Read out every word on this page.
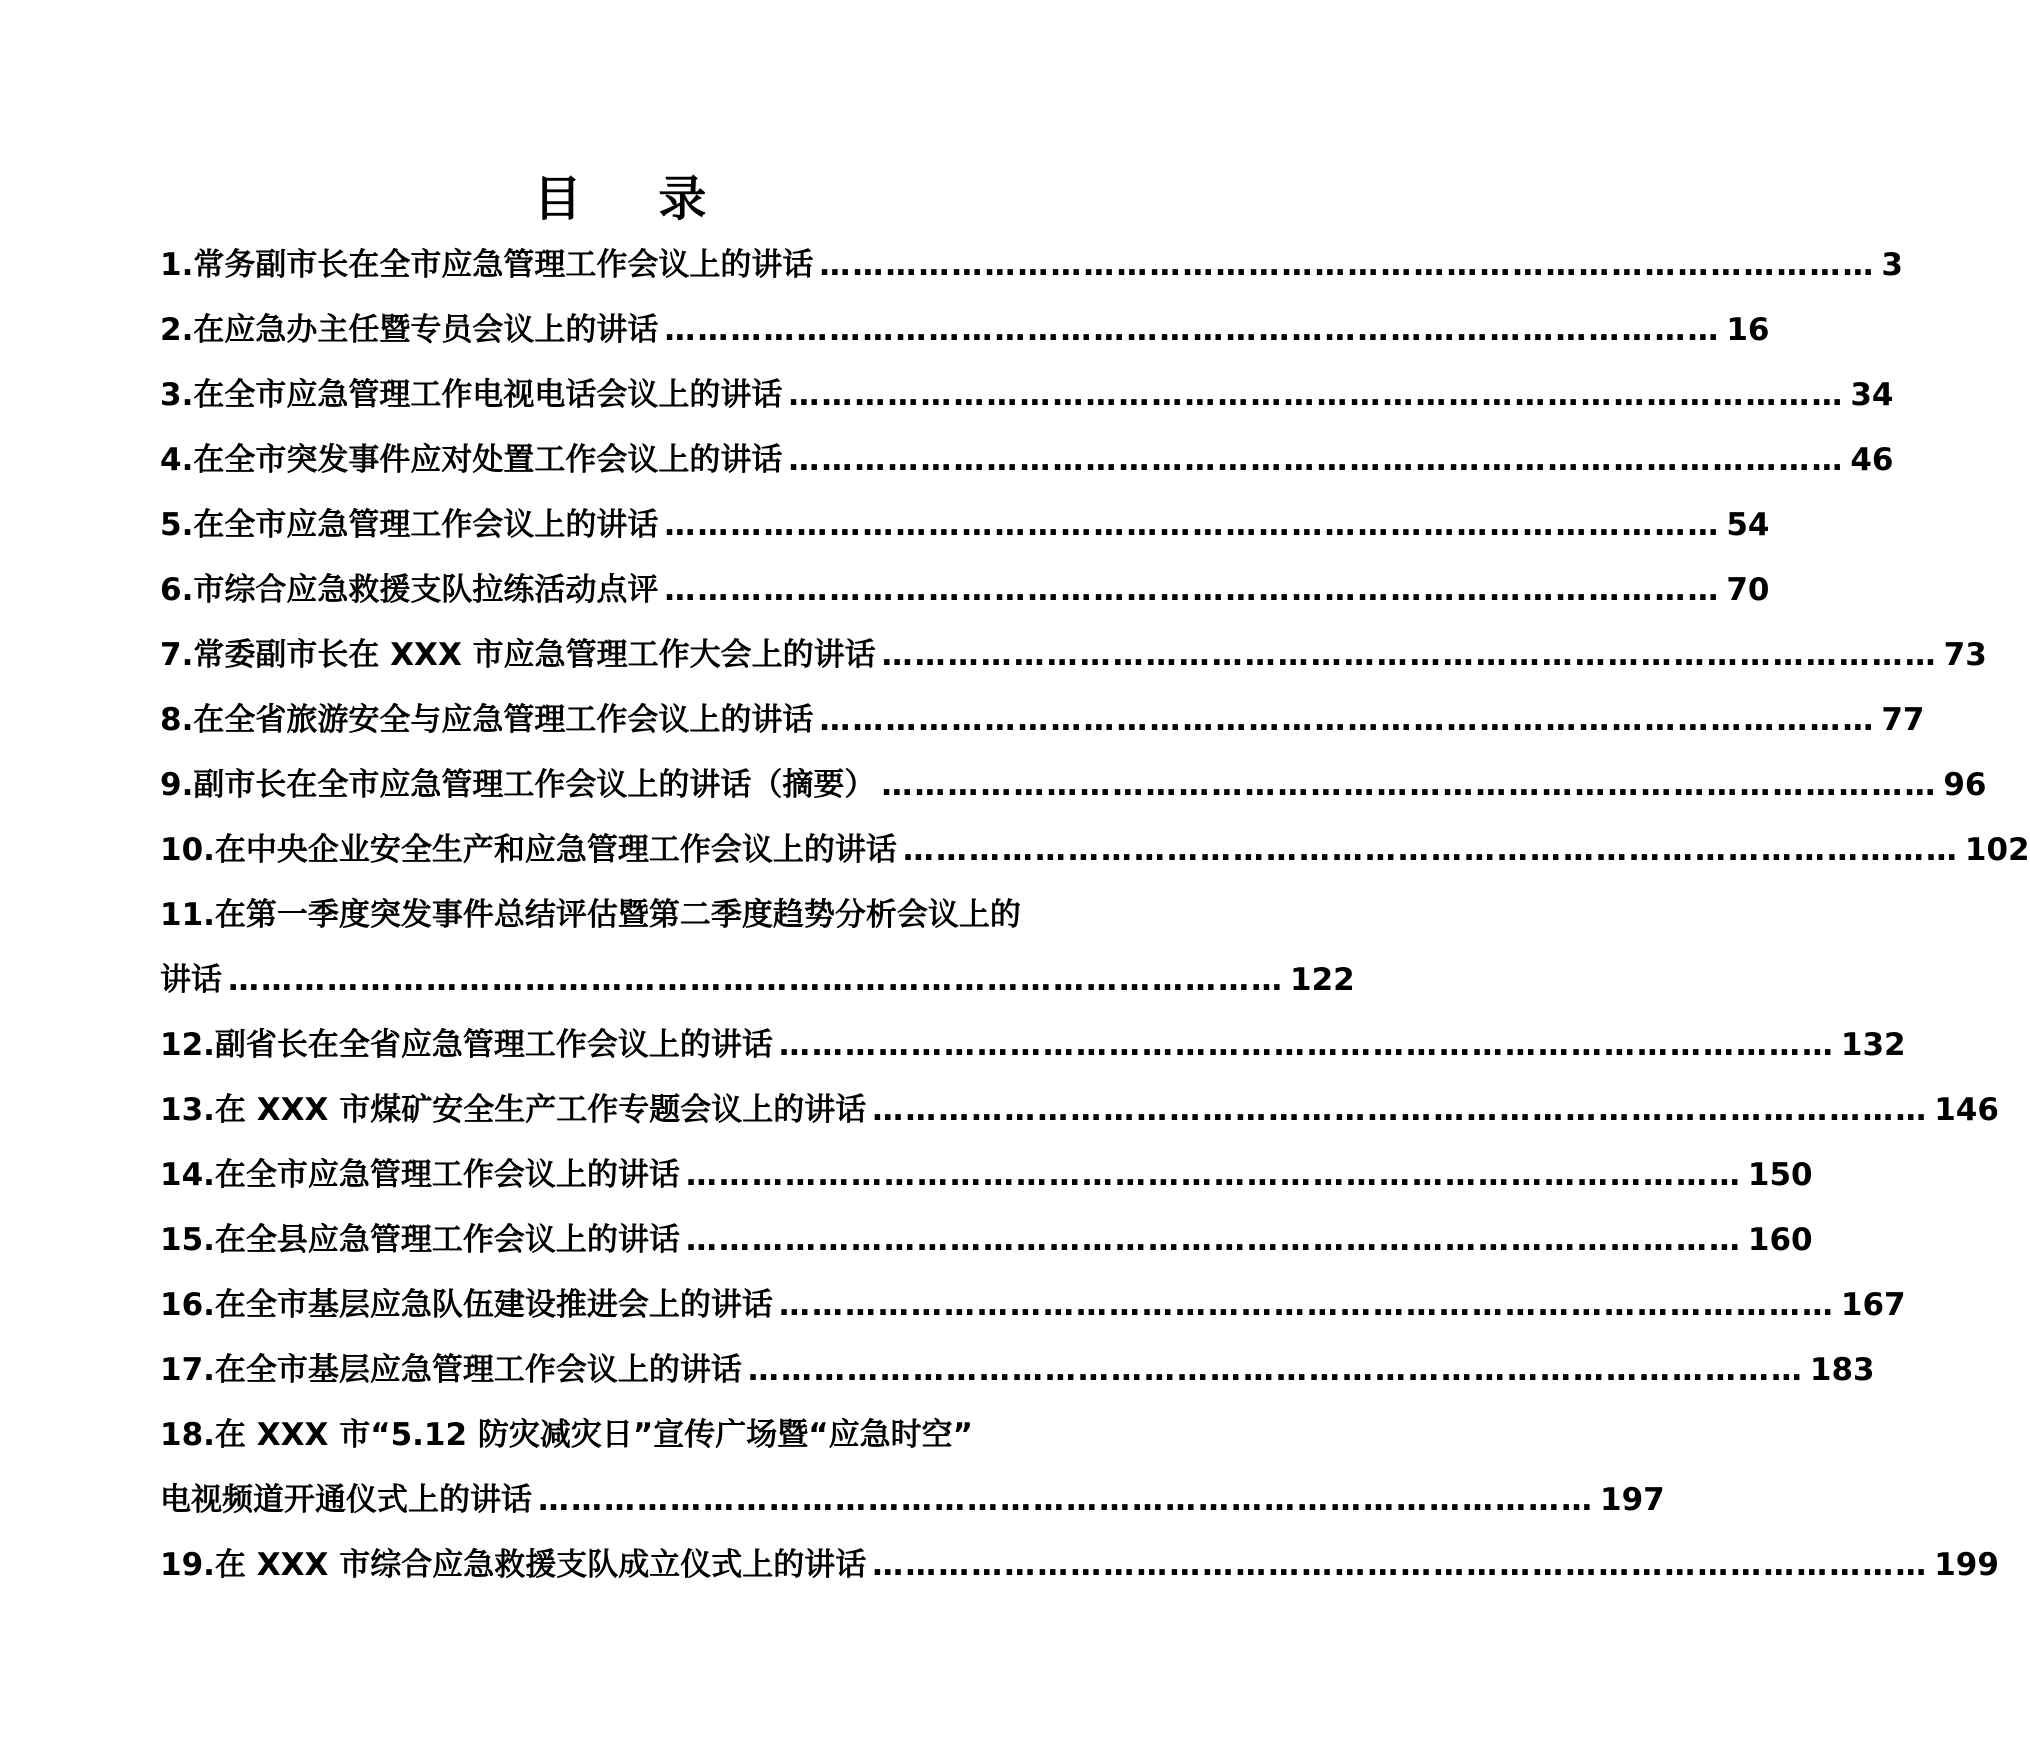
目 录
1.常务副市长在全市应急管理工作会议上的讲话 …………………………………………………………………………………… 3
2.在应急办主任暨专员会议上的讲话 …………………………………………………………………………………… 16
3.在全市应急管理工作电视电话会议上的讲话 …………………………………………………………………………………… 34
4.在全市突发事件应对处置工作会议上的讲话 …………………………………………………………………………………… 46
5.在全市应急管理工作会议上的讲话 …………………………………………………………………………………… 54
6.市综合应急救援支队拉练活动点评 …………………………………………………………………………………… 70
7.常委副市长在 XXX 市应急管理工作大会上的讲话 …………………………………………………………………………………… 73
8.在全省旅游安全与应急管理工作会议上的讲话 …………………………………………………………………………………… 77
9.副市长在全市应急管理工作会议上的讲话（摘要） …………………………………………………………………………………… 96
10.在中央企业安全生产和应急管理工作会议上的讲话 …………………………………………………………………………………… 102
11.在第一季度突发事件总结评估暨第二季度趋势分析会议上的
讲话 …………………………………………………………………………………… 122
12.副省长在全省应急管理工作会议上的讲话 …………………………………………………………………………………… 132
13.在 XXX 市煤矿安全生产工作专题会议上的讲话 …………………………………………………………………………………… 146
14.在全市应急管理工作会议上的讲话 …………………………………………………………………………………… 150
15.在全县应急管理工作会议上的讲话 …………………………………………………………………………………… 160
16.在全市基层应急队伍建设推进会上的讲话 …………………………………………………………………………………… 167
17.在全市基层应急管理工作会议上的讲话 …………………………………………………………………………………… 183
18.在 XXX 市“5.12 防灾减灾日”宣传广场暨“应急时空”
电视频道开通仪式上的讲话 …………………………………………………………………………………… 197
19.在 XXX 市综合应急救援支队成立仪式上的讲话 …………………………………………………………………………………… 199
